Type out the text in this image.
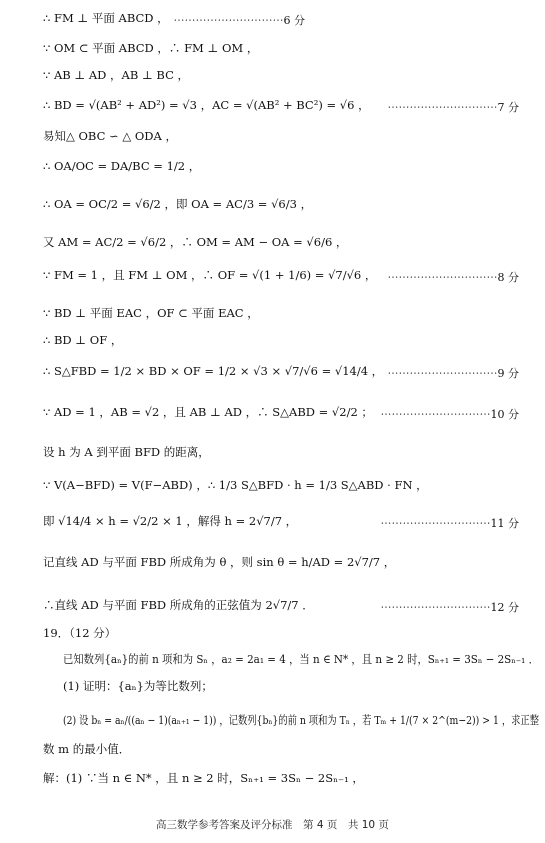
∴ FM ⊥ 平面 ABCD ， ⋯⋯⋯⋯⋯⋯⋯⋯⋯⋯6 分
∵ OM ⊂ 平面 ABCD ，∴ FM ⊥ OM ，
∵ AB ⊥ AD ，AB ⊥ BC ，
∴ BD = √(AB² + AD²) = √3 ，AC = √(AB² + BC²) = √6 ， ⋯⋯⋯⋯⋯⋯⋯⋯⋯⋯7 分
易知△ OBC ∽ △ ODA ，
∴ OA/OC = DA/BC = 1/2 ，
∴ OA = OC/2 = √6/2 ，即 OA = AC/3 = √6/3 ，
又 AM = AC/2 = √6/2 ，∴ OM = AM − OA = √6/6 ，
∵ FM = 1 ，且 FM ⊥ OM ，∴ OF = √(1 + 1/6) = √7/√6 ， ⋯⋯⋯⋯⋯⋯⋯⋯⋯⋯8 分
∵ BD ⊥ 平面 EAC ，OF ⊂ 平面 EAC ，
∴ BD ⊥ OF ，
∴ S△FBD = 1/2 × BD × OF = 1/2 × √3 × √7/√6 = √14/4 ， ⋯⋯⋯⋯⋯⋯⋯⋯⋯⋯9 分
∵ AD = 1 ，AB = √2 ，且 AB ⊥ AD ，∴ S△ABD = √2/2 ； ⋯⋯⋯⋯⋯⋯⋯⋯⋯⋯10 分
设 h 为 A 到平面 BFD 的距离，
∵ V(A−BFD) = V(F−ABD) ，∴ 1/3 S△BFD · h = 1/3 S△ABD · FN ，
即 √14/4 × h = √2/2 × 1 ，解得 h = 2√7/7 ，	⋯⋯⋯⋯⋯⋯⋯⋯⋯⋯11 分
记直线 AD 与平面 FBD 所成角为 θ ，则 sin θ = h/AD = 2√7/7 ，
∴直线 AD 与平面 FBD 所成角的正弦值为 2√7/7 ．	⋯⋯⋯⋯⋯⋯⋯⋯⋯⋯12 分
19．（12 分）
已知数列{aₙ}的前 n 项和为 Sₙ ，a₂ = 2a₁ = 4 ，当 n ∈ N* ，且 n ≥ 2 时，Sₙ₊₁ = 3Sₙ − 2Sₙ₋₁ ．
(1) 证明：{aₙ}为等比数列；
(2) 设 bₙ = aₙ/((aₙ − 1)(aₙ₊₁ − 1)) ，记数列{bₙ}的前 n 项和为 Tₙ ，若 Tₘ + 1/(7 × 2^(m−2)) > 1 ，求正整
数 m 的最小值．
解：(1) ∵当 n ∈ N* ，且 n ≥ 2 时，Sₙ₊₁ = 3Sₙ − 2Sₙ₋₁ ，
高三数学参考答案及评分标准　第 4 页　共 10 页
